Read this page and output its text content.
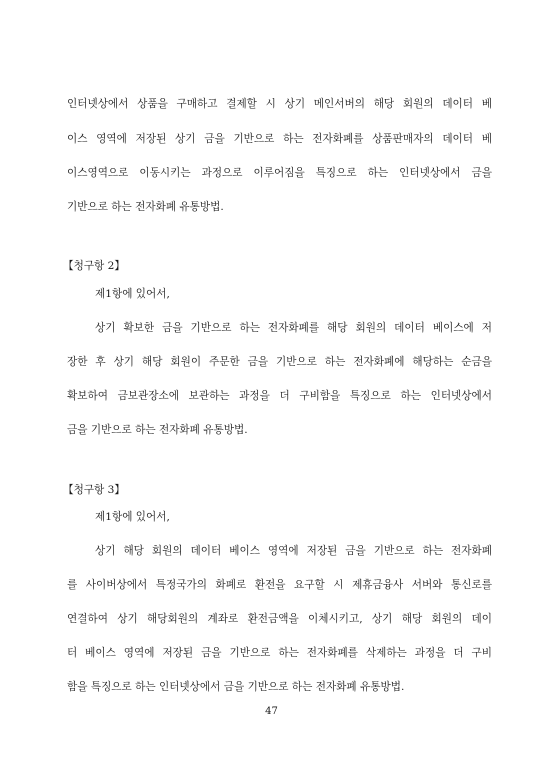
인터넷상에서 상품을 구매하고 결제할 시 상기 메인서버의 해당 회원의 데이터 베
이스 영역에 저장된 상기 금을 기반으로 하는 전자화폐를 상품판매자의 데이터 베
이스영역으로 이동시키는 과정으로 이루어짐을 특징으로 하는 인터넷상에서 금을
기반으로 하는 전자화폐 유통방법.
【청구항 2】
제1항에 있어서,
상기 확보한 금을 기반으로 하는 전자화폐를 해당 회원의 데이터 베이스에 저
장한 후 상기 해당 회원이 주문한 금을 기반으로 하는 전자화폐에 해당하는 순금을
확보하여 금보관장소에 보관하는 과정을 더 구비함을 특징으로 하는 인터넷상에서
금을 기반으로 하는 전자화폐 유통방법.
【청구항 3】
제1항에 있어서,
상기 해당 회원의 데이터 베이스 영역에 저장된 금을 기반으로 하는 전자화폐
를 사이버상에서 특정국가의 화폐로 환전을 요구할 시 제휴금융사 서버와 통신로를
연결하여 상기 해당회원의 계좌로 환전금액을 이체시키고, 상기 해당 회원의 데이
터 베이스 영역에 저장된 금을 기반으로 하는 전자화폐를 삭제하는 과정을 더 구비
함을 특징으로 하는 인터넷상에서 금을 기반으로 하는 전자화폐 유통방법.
47
